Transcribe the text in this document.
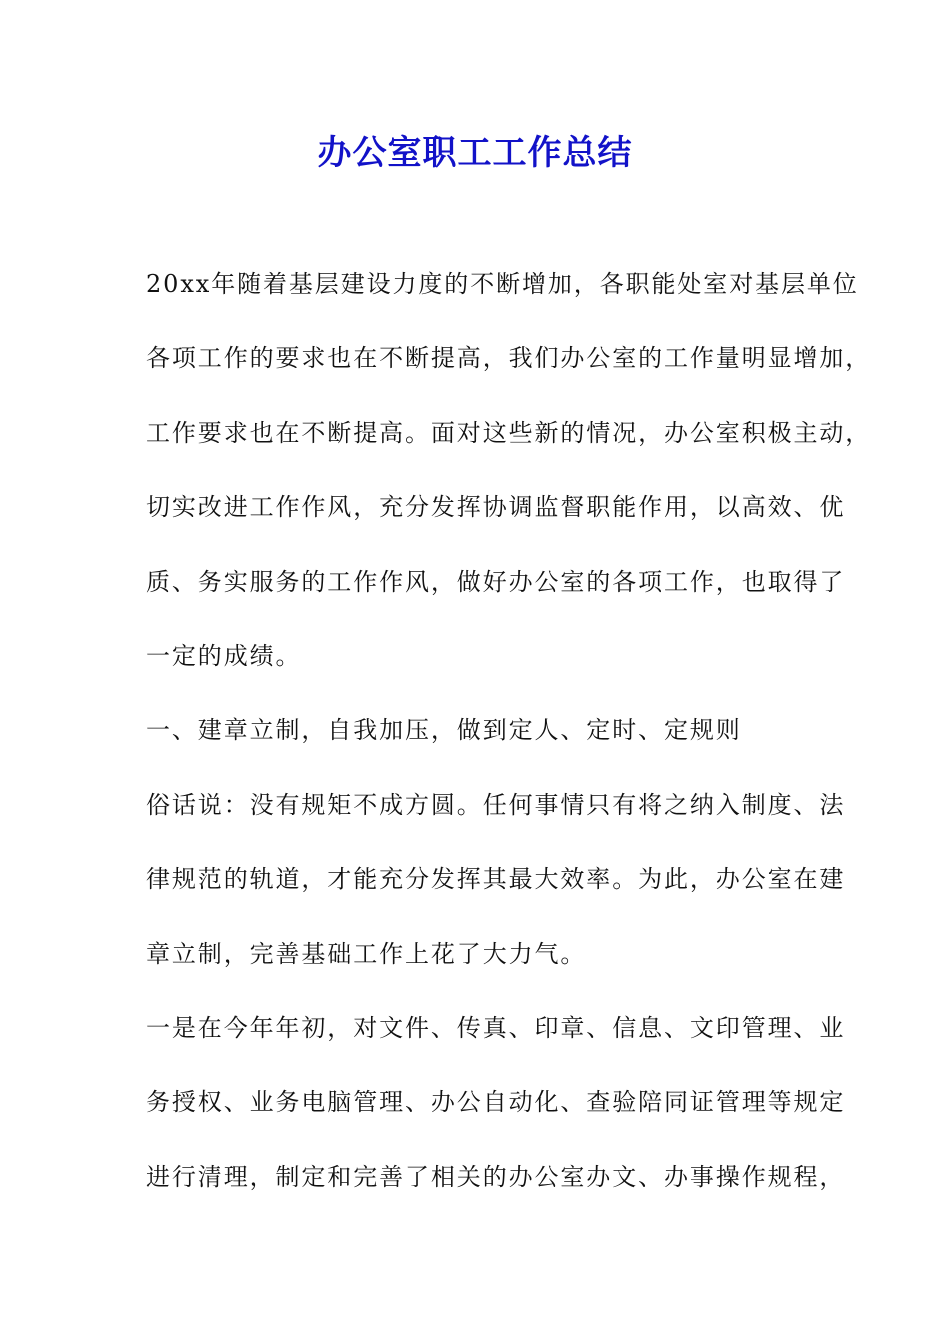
办公室职工工作总结
20xx年随着基层建设力度的不断增加，各职能处室对基层单位
各项工作的要求也在不断提高，我们办公室的工作量明显增加，
工作要求也在不断提高。面对这些新的情况，办公室积极主动，
切实改进工作作风，充分发挥协调监督职能作用，以高效、优
质、务实服务的工作作风，做好办公室的各项工作，也取得了
一定的成绩。
一、建章立制，自我加压，做到定人、定时、定规则
俗话说：没有规矩不成方圆。任何事情只有将之纳入制度、法
律规范的轨道，才能充分发挥其最大效率。为此，办公室在建
章立制，完善基础工作上花了大力气。
一是在今年年初，对文件、传真、印章、信息、文印管理、业
务授权、业务电脑管理、办公自动化、查验陪同证管理等规定
进行清理，制定和完善了相关的办公室办文、办事操作规程，
